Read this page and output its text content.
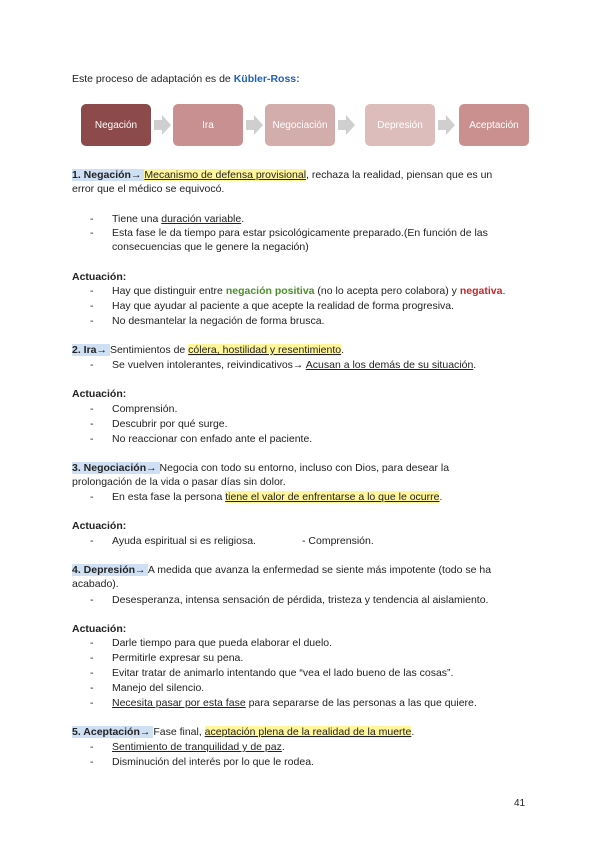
Este proceso de adaptación es de Kübler-Ross:
Negación	Ira	Negociación	Depresión	Aceptación
1. Negación→ Mecanismo de defensa provisional, rechaza la realidad, piensan que es un
error que el médico se equivocó.
- Tiene una duración variable.
- Esta fase le da tiempo para estar psicológicamente preparado.(En función de las
consecuencias que le genere la negación)
Actuación:
- Hay que distinguir entre negación positiva (no lo acepta pero colabora) y negativa.
- Hay que ayudar al paciente a que acepte la realidad de forma progresiva.
- No desmantelar la negación de forma brusca.
2. Ira→ Sentimientos de cólera, hostilidad y resentimiento.
- Se vuelven intolerantes, reivindicativos→ Acusan a los demás de su situación.
Actuación:
- Comprensión.
- Descubrir por qué surge.
- No reaccionar con enfado ante el paciente.
3. Negociación→ Negocia con todo su entorno, incluso con Dios, para desear la
prolongación de la vida o pasar días sin dolor.
- En esta fase la persona tiene el valor de enfrentarse a lo que le ocurre.
Actuación:
- Ayuda espiritual si es religiosa.	- Comprensión.
4. Depresión→ A medida que avanza la enfermedad se siente más impotente (todo se ha
acabado).
- Desesperanza, intensa sensación de pérdida, tristeza y tendencia al aislamiento.
Actuación:
- Darle tiempo para que pueda elaborar el duelo.
- Permitirle expresar su pena.
- Evitar tratar de animarlo intentando que “vea el lado bueno de las cosas”.
- Manejo del silencio.
- Necesita pasar por esta fase para separarse de las personas a las que quiere.
5. Aceptación→ Fase final, aceptación plena de la realidad de la muerte.
- Sentimiento de tranquilidad y de paz.
- Disminución del interés por lo que le rodea.
41
